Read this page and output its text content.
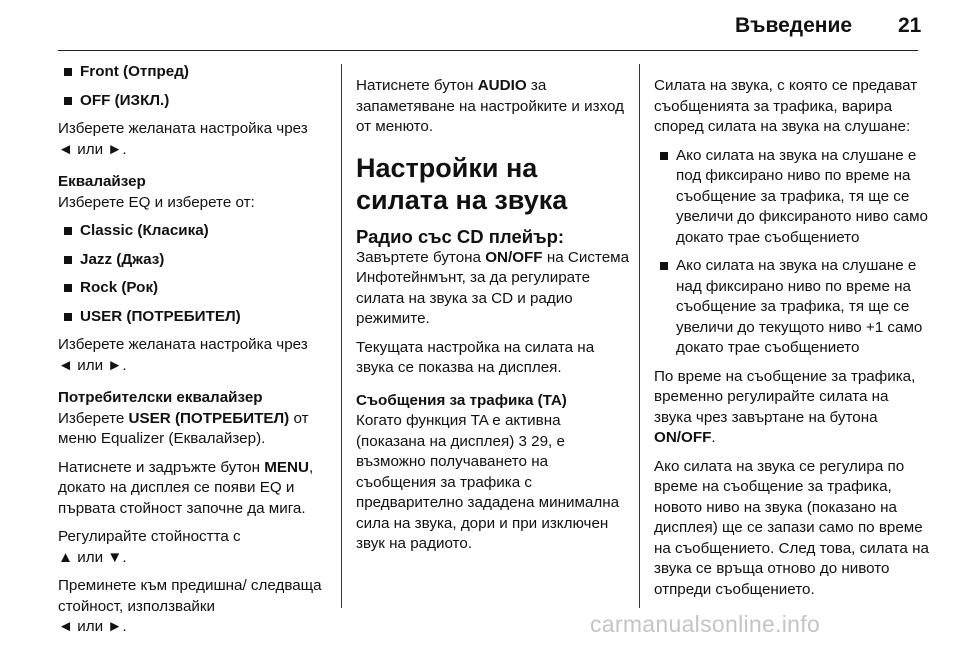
Въведение 21
Front (Отпред)
OFF (ИЗКЛ.)

Изберете желаната настройка чрез
◄ или ►.

Еквалайзер

Изберете EQ и изберете от:

Classic (Класика)
Jazz (Джаз)
Rock (Рок)
USER (ПОТРЕБИТЕЛ)

Изберете желаната настройка чрез
◄ или ►.

Потребителски еквалайзер

Изберете USER (ПОТРЕБИТЕЛ) от меню Equalizer (Еквалайзер).

Натиснете и задръжте бутон MENU, докато на дисплея се появи EQ и първата стойност започне да мига.

Регулирайте стойността с
▲ или ▼.

Преминете към предишна/ следваща стойност, използвайки
◄ или ►.

Натиснете бутон AUDIO за запаметяване на настройките и изход от менюто.

Настройки на силата на звука
Радио със CD плейър:

Завъртете бутона ON/OFF на Система Инфотейнмънт, за да регулирате силата на звука за CD и радио режимите.

Текущата настройка на силата на звука се показва на дисплея.

Съобщения за трафика (TA)

Когато функция TA е активна (показана на дисплея) 3 29, е възможно получаването на съобщения за трафика с предварително зададена минимална сила на звука, дори и при изключен звук на радиото.

Силата на звука, с която се предават съобщенията за трафика, варира според силата на звука на слушане:

Ако силата на звука на слушане е под фиксирано ниво по време на съобщение за трафика, тя ще се увеличи до фиксираното ниво само докато трае съобщението
Ако силата на звука на слушане е над фиксирано ниво по време на съобщение за трафика, тя ще се увеличи до текущото ниво +1 само докато трае съобщението

По време на съобщение за трафика, временно регулирайте силата на звука чрез завъртане на бутона ON/OFF.

Ако силата на звука се регулира по време на съобщение за трафика, новото ниво на звука (показано на дисплея) ще се запази само по време на съобщението. След това, силата на звука се връща отново до нивото отпреди съобщението.

carmanualsonline.info
